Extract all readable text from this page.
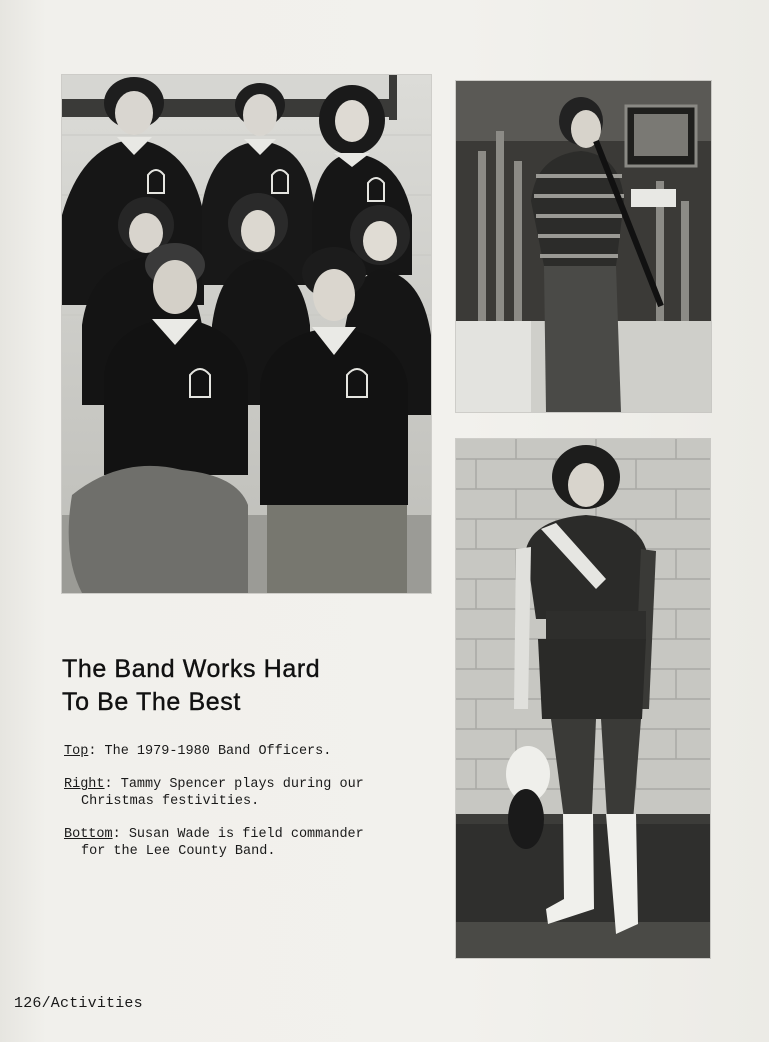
The Band Works Hard
To Be The Best

Top: The 1979-1980 Band Officers.

Right: Tammy Spencer plays during our
Christmas festivities.

Bottom: Susan Wade is field commander
for the Lee County Band.

126/Activities
